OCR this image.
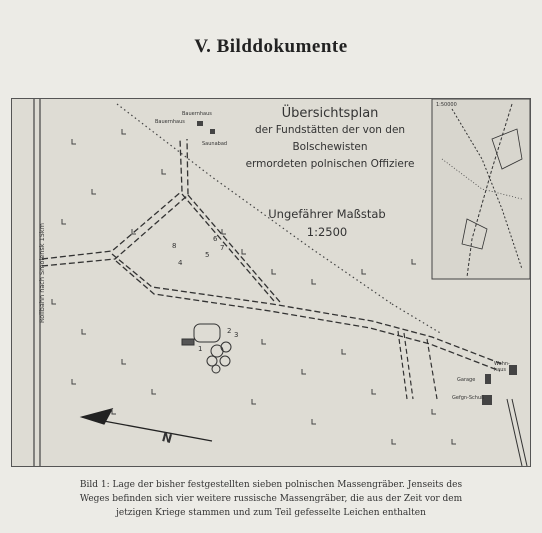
V. Bilddokumente
Übersichtsplan
der Fundstätten der von den
Bolschewisten
ermordeten polnischen Offiziere
Ungefährer Maßstab
1:2500
Rollbahn nach Smolensk 15km
Bauernhaus
Bauernhaus
Saunabad
Garage
Gefgn-Schuß
Wohn-haus
1:50000
1
2 3
4
5
6
7
8
N
Bild 1: Lage der bisher festgestellten sieben polnischen Massengräber. Jenseits des
Weges befinden sich vier weitere russische Massengräber, die aus der Zeit vor dem
jetzigen Kriege stammen und zum Teil gefesselte Leichen enthalten
